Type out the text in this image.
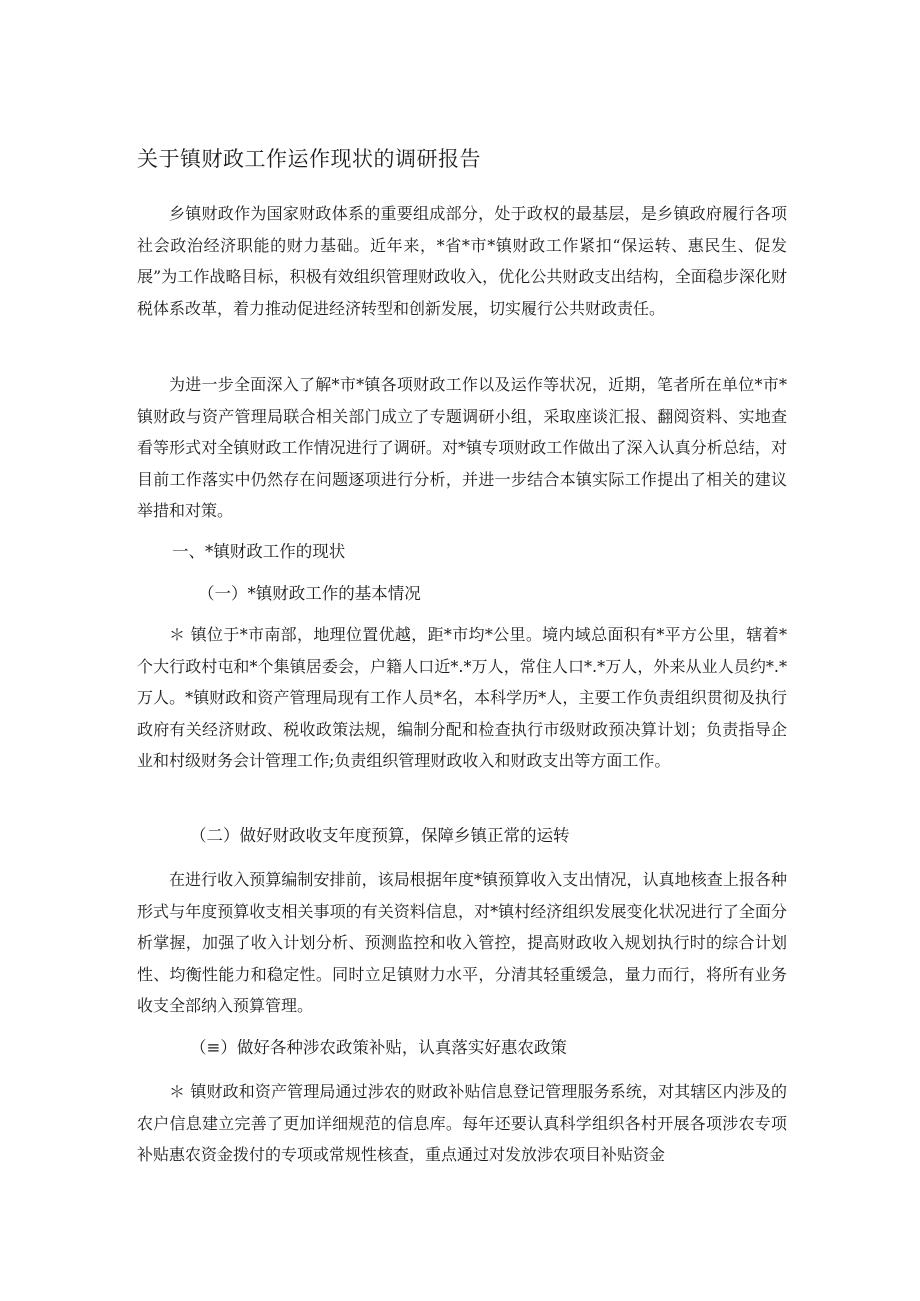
关于镇财政工作运作现状的调研报告

乡镇财政作为国家财政体系的重要组成部分，处于政权的最基层，是乡镇政府履行各项社会政治经济职能的财力基础。近年来，*省*市*镇财政工作紧扣“保运转、惠民生、促发展”为工作战略目标，积极有效组织管理财政收入，优化公共财政支出结构，全面稳步深化财税体系改革，着力推动促进经济转型和创新发展，切实履行公共财政责任。

为进一步全面深入了解*市*镇各项财政工作以及运作等状况，近期，笔者所在单位*市*镇财政与资产管理局联合相关部门成立了专题调研小组，采取座谈汇报、翻阅资料、实地查看等形式对全镇财政工作情况进行了调研。对*镇专项财政工作做出了深入认真分析总结，对目前工作落实中仍然存在问题逐项进行分析，并进一步结合本镇实际工作提出了相关的建议举措和对策。

一、*镇财政工作的现状
（一）*镇财政工作的基本情况

＊ 镇位于*市南部，地理位置优越，距*市均*公里。境内域总面积有*平方公里，辖着*个大行政村屯和*个集镇居委会，户籍人口近*.*万人，常住人口*.*万人，外来从业人员约*.*万人。*镇财政和资产管理局现有工作人员*名，本科学历*人，主要工作负责组织贯彻及执行政府有关经济财政、税收政策法规，编制分配和检查执行市级财政预决算计划；负责指导企业和村级财务会计管理工作;负责组织管理财政收入和财政支出等方面工作。

（二）做好财政收支年度预算，保障乡镇正常的运转

在进行收入预算编制安排前，该局根据年度*镇预算收入支出情况，认真地核查上报各种形式与年度预算收支相关事项的有关资料信息，对*镇村经济组织发展变化状况进行了全面分析掌握，加强了收入计划分析、预测监控和收入管控，提高财政收入规划执行时的综合计划性、均衡性能力和稳定性。同时立足镇财力水平，分清其轻重缓急，量力而行，将所有业务收支全部纳入预算管理。

（≡）做好各种涉农政策补贴，认真落实好惠农政策

＊ 镇财政和资产管理局通过涉农的财政补贴信息登记管理服务系统，对其辖区内涉及的农户信息建立完善了更加详细规范的信息库。每年还要认真科学组织各村开展各项涉农专项补贴惠农资金拨付的专项或常规性核查，重点通过对发放涉农项目补贴资金
